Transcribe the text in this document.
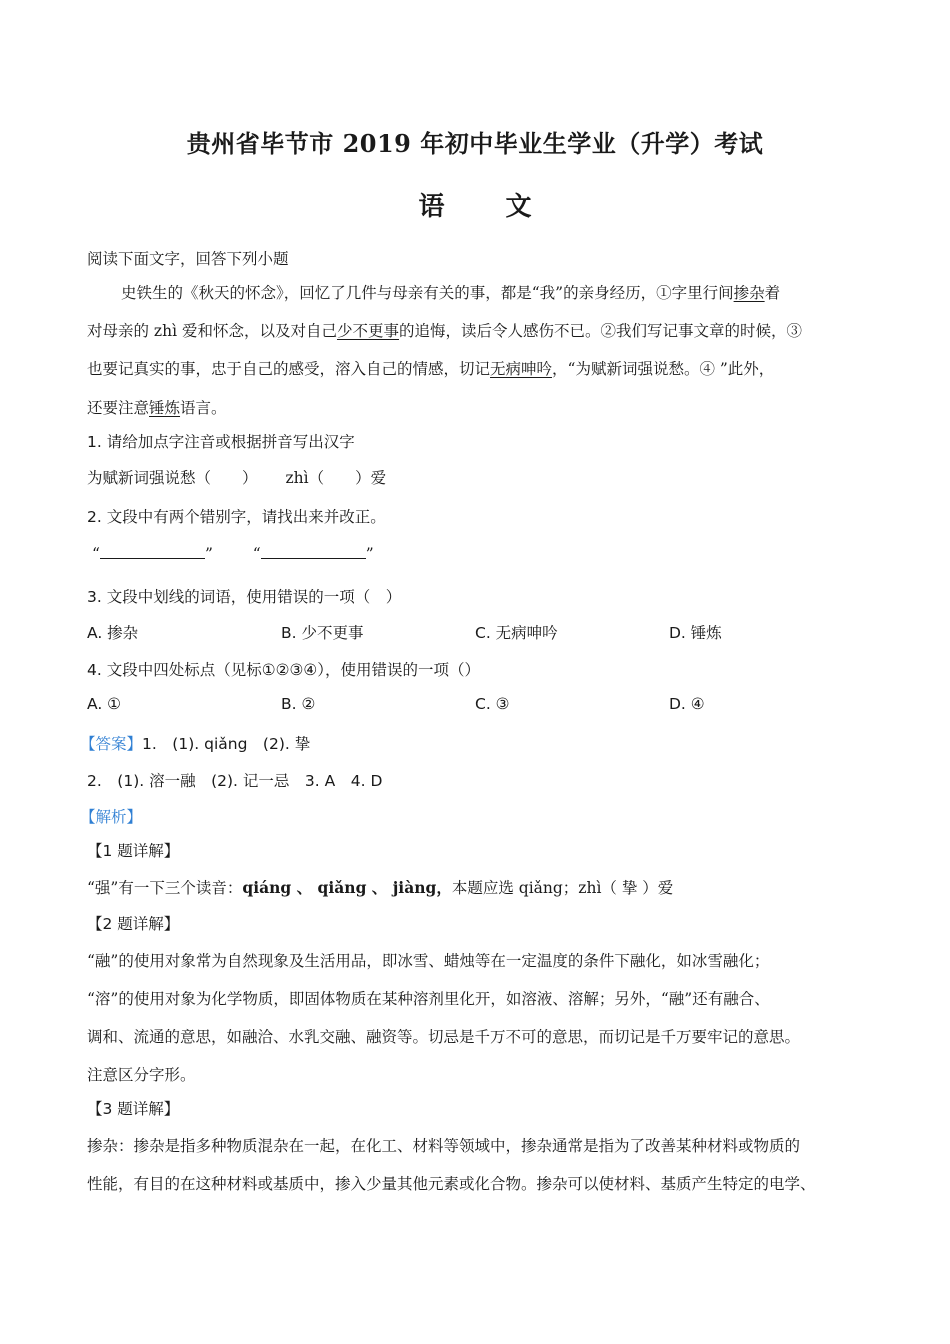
贵州省毕节市 2019 年初中毕业生学业（升学）考试
语 文
阅读下面文字，回答下列小题
史铁生的《秋天的怀念》，回忆了几件与母亲有关的事，都是“我”的亲身经历，①字里行间掺杂着
对母亲的 zhì 爱和怀念，以及对自己少不更事的追悔，读后令人感伤不已。②我们写记事文章的时候，③
也要记真实的事，忠于自己的感受，溶入自己的情感，切记无病呻吟，“为赋新词强说愁。④ ”此外，
还要注意锤炼语言。
1. 请给加点字注音或根据拼音写出汉字
为赋新词强说愁（　　） zhì（　　）爱
2. 文段中有两个错别字，请找出来并改正。
“	”	“	”
3. 文段中划线的词语，使用错误的一项（　）
A. 掺杂	B. 少不更事	C. 无病呻吟	D. 锤炼
4. 文段中四处标点（见标①②③④），使用错误的一项（）
A. ①	B. ②	C. ③	D. ④
【答案】1.　(1). qiǎng　(2). 挚
2.　(1). 溶一融　(2). 记一忌　3. A　4. D
【解析】
【1 题详解】
“强”有一下三个读音：qiáng 、 qiǎng 、 jiàng，本题应选 qiǎng；zhì（ 挚 ）爱
【2 题详解】
“融”的使用对象常为自然现象及生活用品，即冰雪、蜡烛等在一定温度的条件下融化，如冰雪融化；
“溶”的使用对象为化学物质，即固体物质在某种溶剂里化开，如溶液、溶解；另外，“融”还有融合、
调和、流通的意思，如融洽、水乳交融、融资等。切忌是千万不可的意思，而切记是千万要牢记的意思。
注意区分字形。
【3 题详解】
掺杂：掺杂是指多种物质混杂在一起，在化工、材料等领域中，掺杂通常是指为了改善某种材料或物质的
性能，有目的在这种材料或基质中，掺入少量其他元素或化合物。掺杂可以使材料、基质产生特定的电学、
